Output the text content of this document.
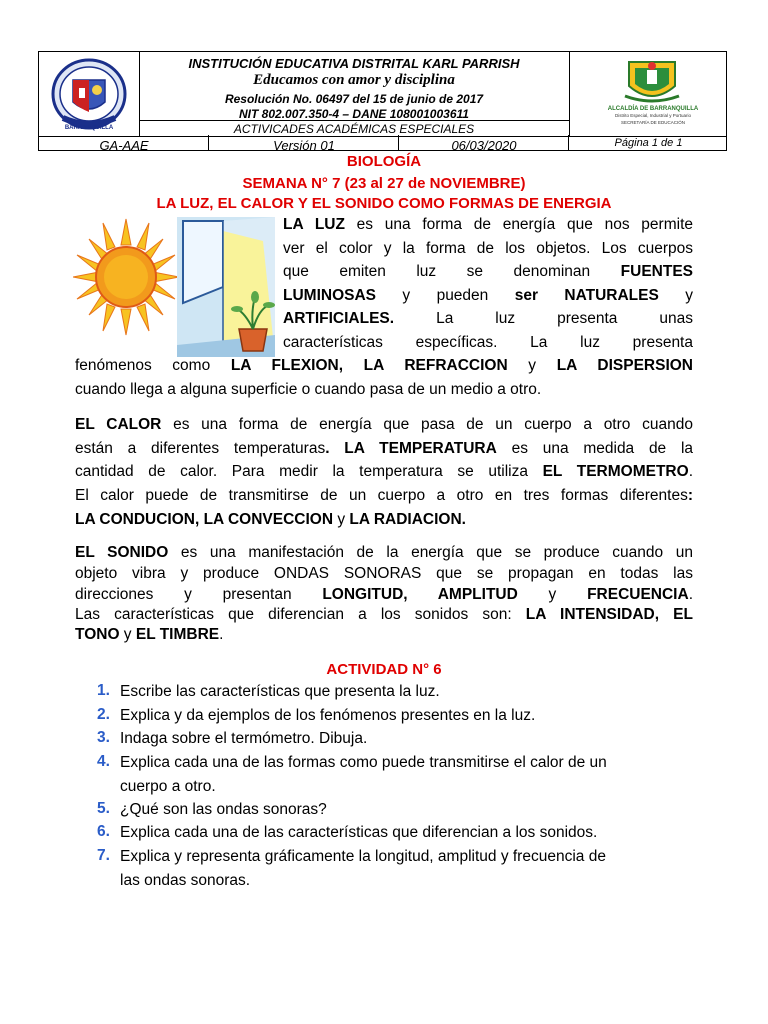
BARRANQUILLA
INSTITUCIÓN EDUCATIVA DISTRITAL KARL PARRISH
Educamos con amor y disciplina
Resolución No. 06497 del 15 de junio de 2017
NIT 802.007.350-4 – DANE 108001003611
ACTIVICADES ACADÉMICAS ESPECIALES
ALCALDÍA DE BARRANQUILLA
Distrito Especial, Industrial y Portuario
SECRETARÍA DE EDUCACIÓN
GA-AAE	Versión 01	06/03/2020	Página 1 de 1
BIOLOGÍA
SEMANA N° 7 (23 al 27 de NOVIEMBRE)
LA LUZ, EL CALOR Y EL SONIDO COMO FORMAS DE ENERGIA
LA LUZ es una forma de energía que nos permite
ver el color y la forma de los objetos. Los cuerpos
que emiten luz se denominan FUENTES
LUMINOSAS y pueden ser NATURALES y
ARTIFICIALES. La luz presenta unas
características específicas. La luz presenta
fenómenos como LA FLEXION, LA REFRACCION y LA DISPERSION
cuando llega a alguna superficie o cuando pasa de un medio a otro.
EL CALOR es una forma de energía que pasa de un cuerpo a otro cuando
están a diferentes temperaturas. LA TEMPERATURA es una medida de la
cantidad de calor. Para medir la temperatura se utiliza EL TERMOMETRO.
El calor puede de transmitirse de un cuerpo a otro en tres formas diferentes:
LA CONDUCION, LA CONVECCION y LA RADIACION.
EL SONIDO es una manifestación de la energía que se produce cuando un
objeto vibra y produce ONDAS SONORAS que se propagan en todas las
direcciones y presentan LONGITUD, AMPLITUD y FRECUENCIA.
Las características que diferencian a los sonidos son: LA INTENSIDAD, EL
TONO y EL TIMBRE.
ACTIVIDAD N° 6
1. Escribe las características que presenta la luz.
2. Explica y da ejemplos de los fenómenos presentes en la luz.
3. Indaga sobre el termómetro. Dibuja.
4. Explica cada una de las formas como puede transmitirse el calor de un
cuerpo a otro.
5. ¿Qué son las ondas sonoras?
6. Explica cada una de las características que diferencian a los sonidos.
7. Explica y representa gráficamente la longitud, amplitud y frecuencia de
las ondas sonoras.
